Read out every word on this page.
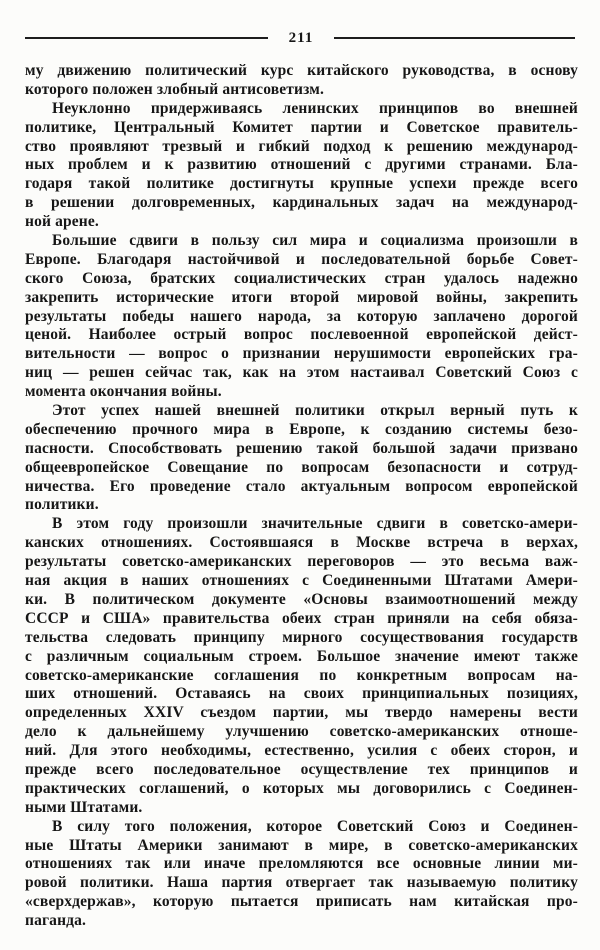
211
му движению политический курс китайского руководства, в основу
которого положен злобный антисоветизм.
Неуклонно придерживаясь ленинских принципов во внешней
политике, Центральный Комитет партии и Советское правитель-
ство проявляют трезвый и гибкий подход к решению международ-
ных проблем и к развитию отношений с другими странами. Бла-
годаря такой политике достигнуты крупные успехи прежде всего
в решении долговременных, кардинальных задач на международ-
ной арене.
Большие сдвиги в пользу сил мира и социализма произошли в
Европе. Благодаря настойчивой и последовательной борьбе Совет-
ского Союза, братских социалистических стран удалось надежно
закрепить исторические итоги второй мировой войны, закрепить
результаты победы нашего народа, за которую заплачено дорогой
ценой. Наиболее острый вопрос послевоенной европейской дейст-
вительности — вопрос о признании нерушимости европейских гра-
ниц — решен сейчас так, как на этом настаивал Советский Союз с
момента окончания войны.
Этот успех нашей внешней политики открыл верный путь к
обеспечению прочного мира в Европе, к созданию системы безо-
пасности. Способствовать решению такой большой задачи призвано
общеевропейское Совещание по вопросам безопасности и сотруд-
ничества. Его проведение стало актуальным вопросом европейской
политики.
В этом году произошли значительные сдвиги в советско-амери-
канских отношениях. Состоявшаяся в Москве встреча в верхах,
результаты советско-американских переговоров — это весьма важ-
ная акция в наших отношениях с Соединенными Штатами Амери-
ки. В политическом документе «Основы взаимоотношений между
СССР и США» правительства обеих стран приняли на себя обяза-
тельства следовать принципу мирного сосуществования государств
с различным социальным строем. Большое значение имеют также
советско-американские соглашения по конкретным вопросам на-
ших отношений. Оставаясь на своих принципиальных позициях,
определенных XXIV съездом партии, мы твердо намерены вести
дело к дальнейшему улучшению советско-американских отноше-
ний. Для этого необходимы, естественно, усилия с обеих сторон, и
прежде всего последовательное осуществление тех принципов и
практических соглашений, о которых мы договорились с Соединен-
ными Штатами.
В силу того положения, которое Советский Союз и Соединен-
ные Штаты Америки занимают в мире, в советско-американских
отношениях так или иначе преломляются все основные линии ми-
ровой политики. Наша партия отвергает так называемую политику
«сверхдержав», которую пытается приписать нам китайская про-
паганда.
